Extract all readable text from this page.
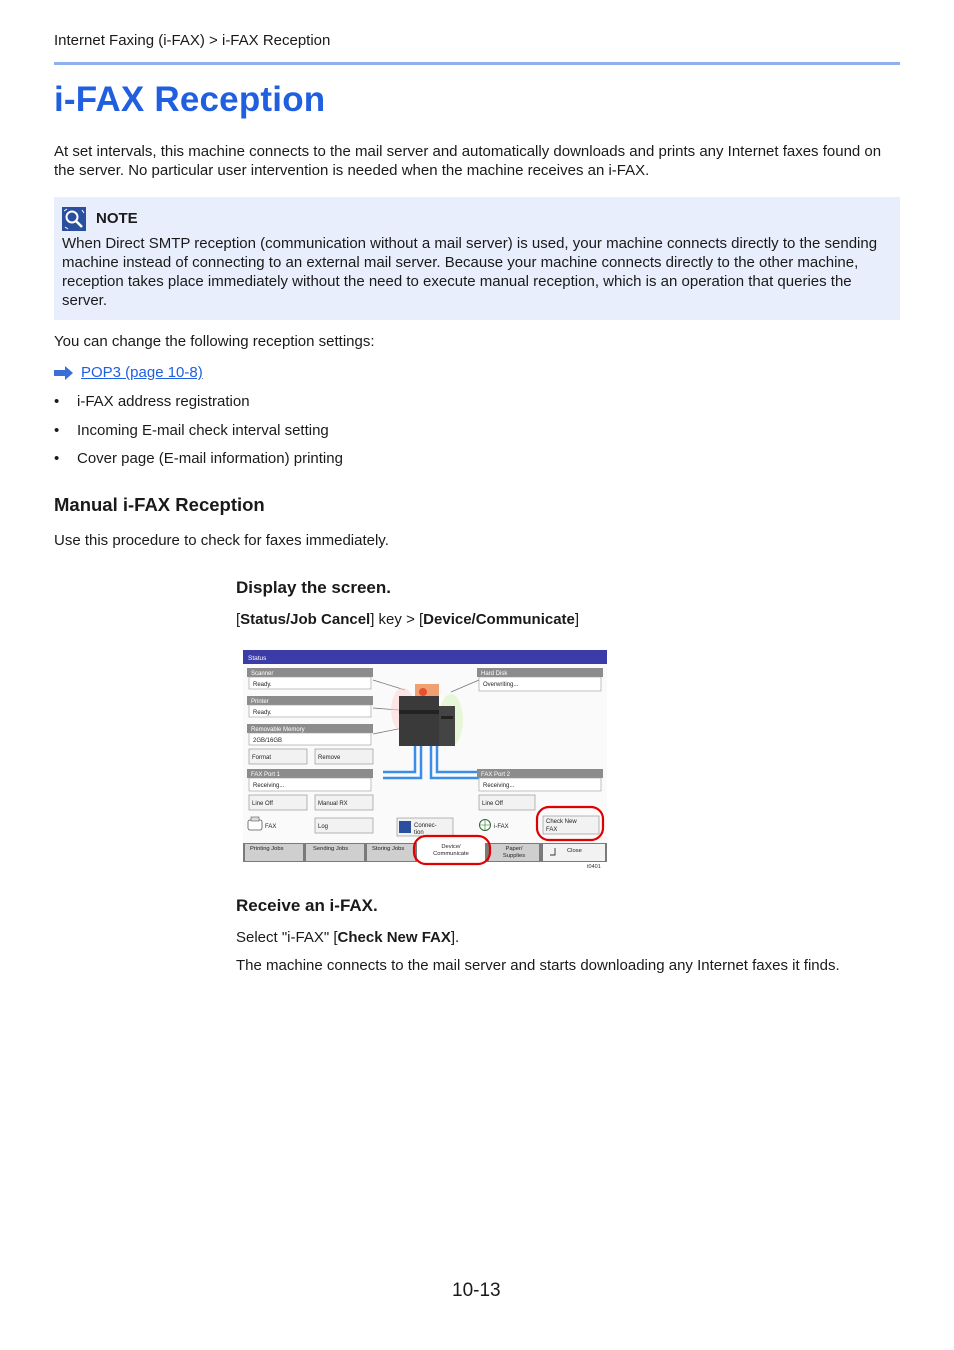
Internet Faxing (i-FAX) > i-FAX Reception
i-FAX Reception
At set intervals, this machine connects to the mail server and automatically downloads and prints any Internet faxes found on the server. No particular user intervention is needed when the machine receives an i-FAX.
NOTE
When Direct SMTP reception (communication without a mail server) is used, your machine connects directly to the sending machine instead of connecting to an external mail server. Because your machine connects directly to the other machine, reception takes place immediately without the need to execute manual reception, which is an operation that queries the server.
You can change the following reception settings:
POP3 (page 10-8)
• i-FAX address registration
• Incoming E-mail check interval setting
• Cover page (E-mail information) printing
Manual i-FAX Reception
Use this procedure to check for faxes immediately.
Display the screen.
[Status/Job Cancel] key > [Device/Communicate]
Status
Scanner
Ready.
Printer
Ready.
Removable Memory
2GB/16GB
Format	Remove
Hard Disk
Overwriting...
FAX Port 1
Receiving...
Line Off	Manual RX
FAX Port 2
Receiving...
Line Off
FAX	Log	Connec-
tion
i-FAX
Check New
FAX
Printing Jobs	Sending Jobs	Storing Jobs	Device/
Communicate
Paper/
Supplies
Close
t0401
Receive an i-FAX.
Select "i-FAX" [Check New FAX].
The machine connects to the mail server and starts downloading any Internet faxes it finds.
10-13
